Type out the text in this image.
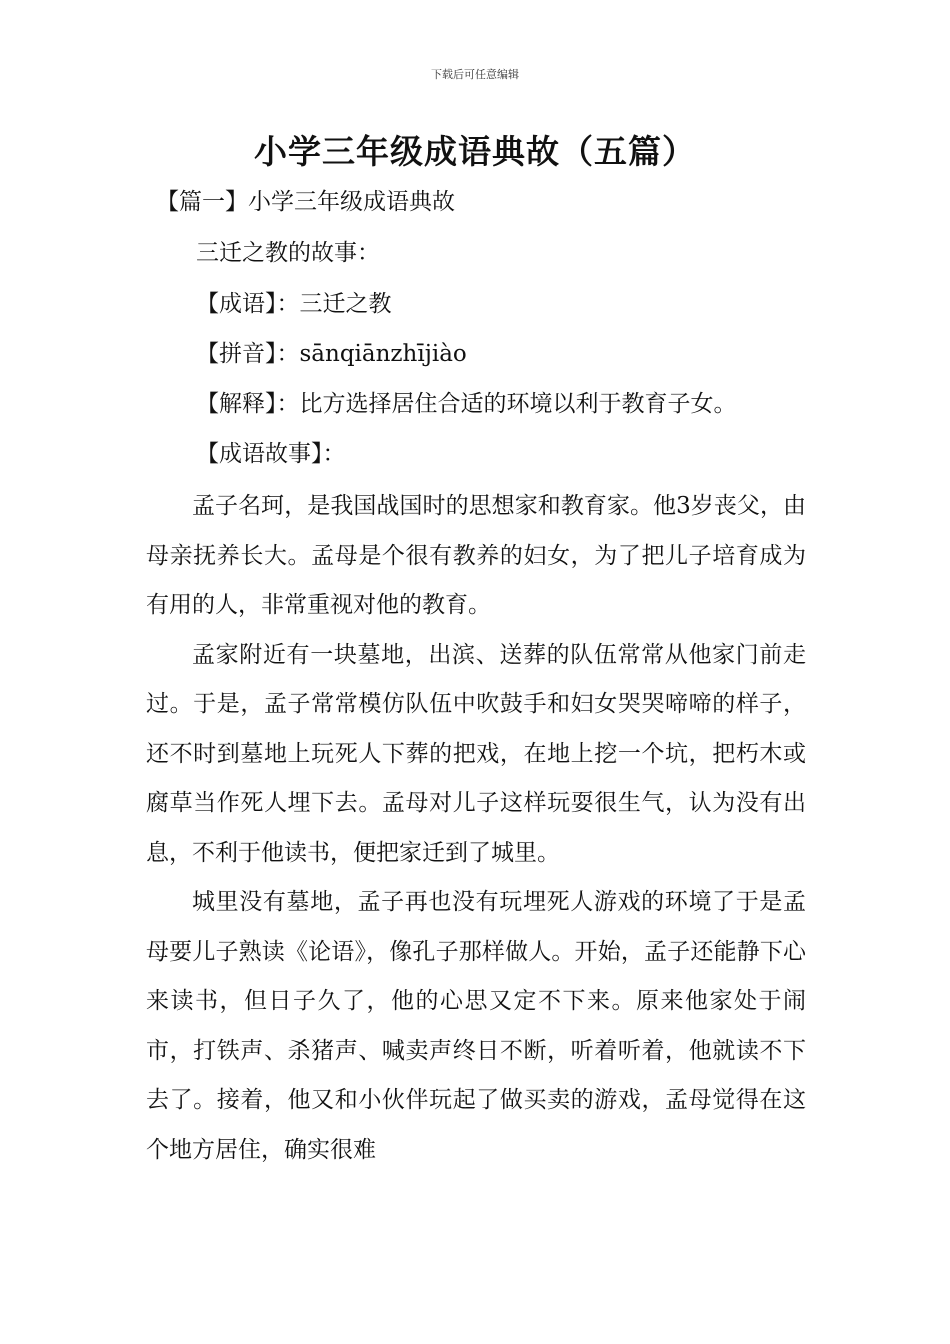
下载后可任意编辑
小学三年级成语典故（五篇）
【篇一】小学三年级成语典故
三迁之教的故事：
【成语】：三迁之教
【拼音】：sānqiānzhījiào
【解释】：比方选择居住合适的环境以利于教育子女。
【成语故事】：

孟子名珂，是我国战国时的思想家和教育家。他3岁丧父，由母亲抚养长大。孟母是个很有教养的妇女，为了把儿子培育成为有用的人，非常重视对他的教育。

孟家附近有一块墓地，出滨、送葬的队伍常常从他家门前走过。于是，孟子常常模仿队伍中吹鼓手和妇女哭哭啼啼的样子，还不时到墓地上玩死人下葬的把戏，在地上挖一个坑，把朽木或腐草当作死人埋下去。孟母对儿子这样玩耍很生气，认为没有出息，不利于他读书，便把家迁到了城里。

城里没有墓地，孟子再也没有玩埋死人游戏的环境了于是孟母要儿子熟读《论语》，像孔子那样做人。开始，孟子还能静下心来读书，但日子久了，他的心思又定不下来。原来他家处于闹市，打铁声、杀猪声、喊卖声终日不断，听着听着，他就读不下去了。接着，他又和小伙伴玩起了做买卖的游戏，孟母觉得在这个地方居住，确实很难
